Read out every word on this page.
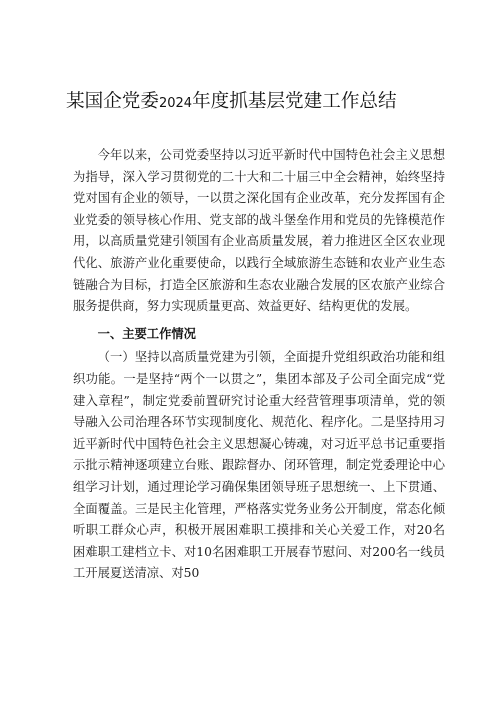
某国企党委2024年度抓基层党建工作总结

今年以来，公司党委坚持以习近平新时代中国特色社会主义思想为指导，深入学习贯彻党的二十大和二十届三中全会精神，始终坚持党对国有企业的领导，一以贯之深化国有企业改革，充分发挥国有企业党委的领导核心作用、党支部的战斗堡垒作用和党员的先锋模范作用，以高质量党建引领国有企业高质量发展，着力推进区全区农业现代化、旅游产业化重要使命，以践行全域旅游生态链和农业产业生态链融合为目标，打造全区旅游和生态农业融合发展的区农旅产业综合服务提供商，努力实现质量更高、效益更好、结构更优的发展。

一、主要工作情况

（一）坚持以高质量党建为引领，全面提升党组织政治功能和组织功能。一是坚持“两个一以贯之”，集团本部及子公司全面完成“党建入章程”，制定党委前置研究讨论重大经营管理事项清单，党的领导融入公司治理各环节实现制度化、规范化、程序化。二是坚持用习近平新时代中国特色社会主义思想凝心铸魂，对习近平总书记重要指示批示精神逐项建立台账、跟踪督办、闭环管理，制定党委理论中心组学习计划，通过理论学习确保集团领导班子思想统一、上下贯通、全面覆盖。三是民主化管理，严格落实党务业务公开制度，常态化倾听职工群众心声，积极开展困难职工摸排和关心关爱工作，对20名困难职工建档立卡、对10名困难职工开展春节慰问、对200名一线员工开展夏送清凉、对50
